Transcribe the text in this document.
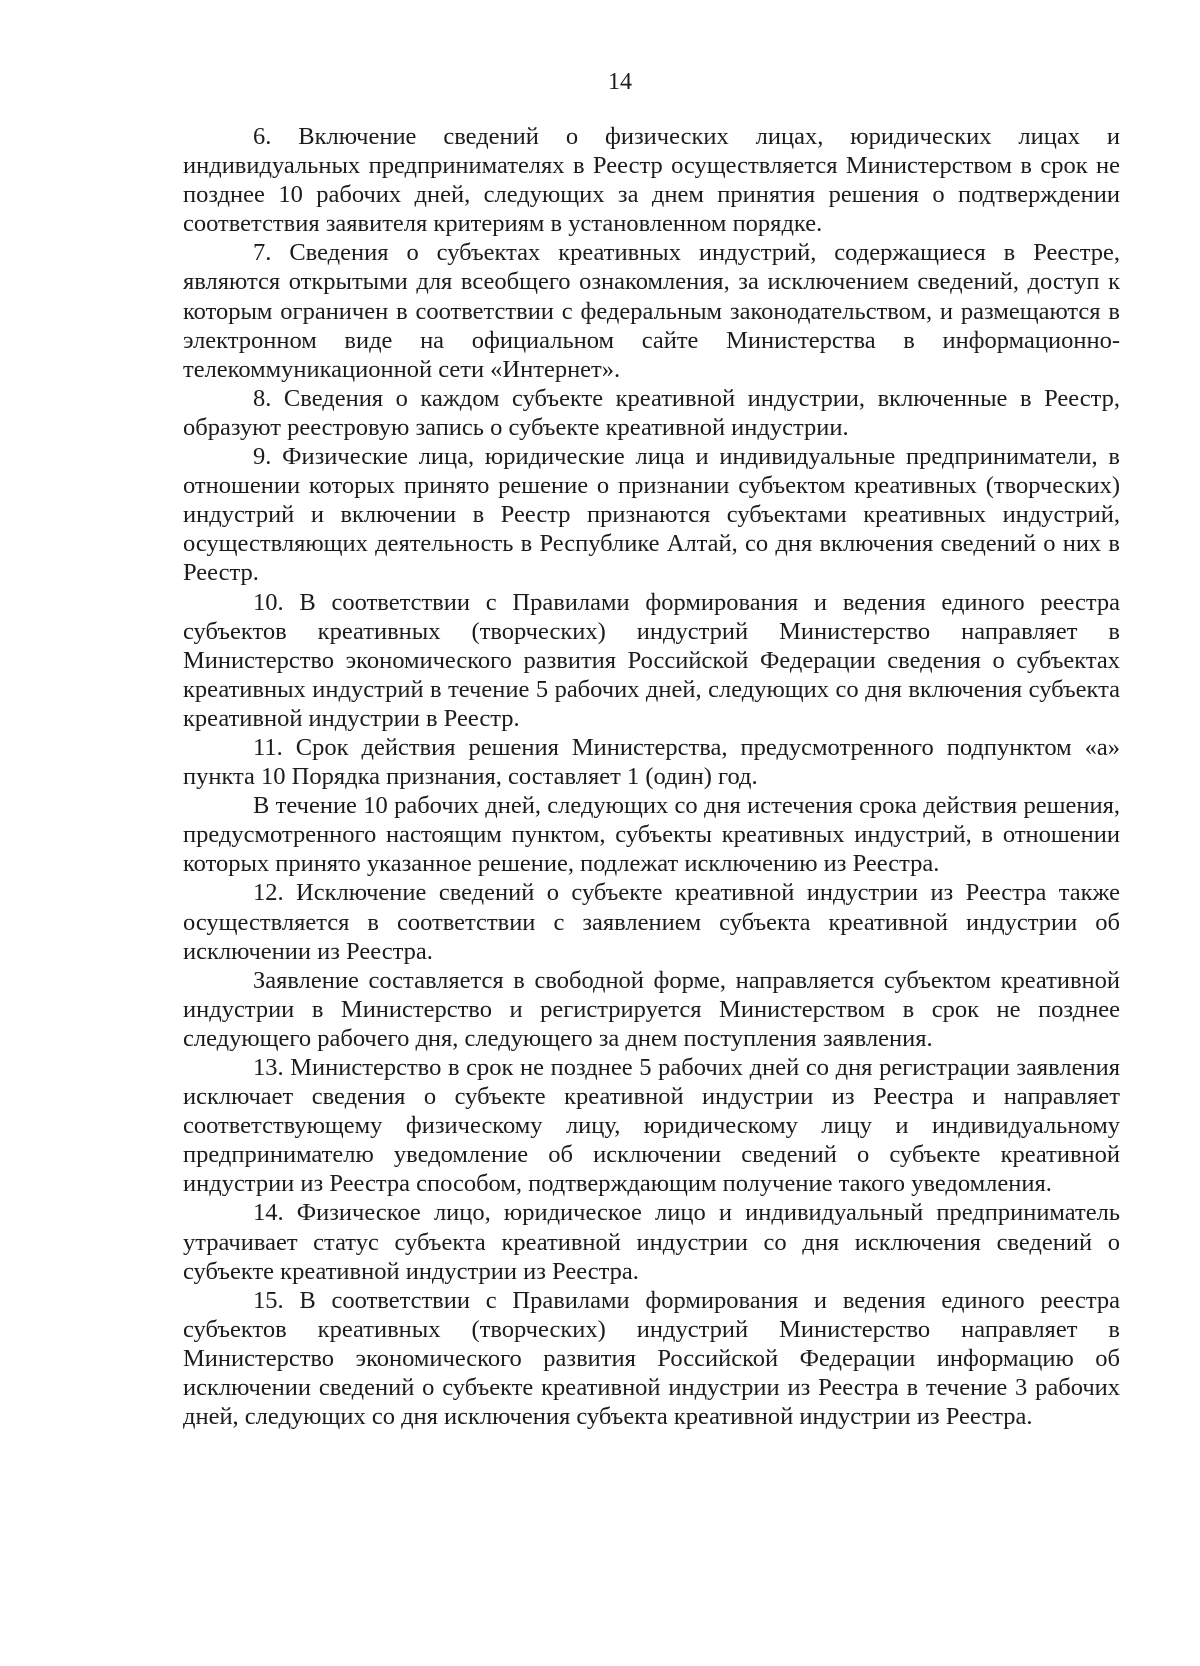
14

6. Включение сведений о физических лицах, юридических лицах и индивидуальных предпринимателях в Реестр осуществляется Министерством в срок не позднее 10 рабочих дней, следующих за днем принятия решения о подтверждении соответствия заявителя критериям в установленном порядке.

7. Сведения о субъектах креативных индустрий, содержащиеся в Реестре, являются открытыми для всеобщего ознакомления, за исключением сведений, доступ к которым ограничен в соответствии с федеральным законодательством, и размещаются в электронном виде на официальном сайте Министерства в информационно-телекоммуникационной сети «Интернет».

8. Сведения о каждом субъекте креативной индустрии, включенные в Реестр, образуют реестровую запись о субъекте креативной индустрии.

9. Физические лица, юридические лица и индивидуальные предприниматели, в отношении которых принято решение о признании субъектом креативных (творческих) индустрий и включении в Реестр признаются субъектами креативных индустрий, осуществляющих деятельность в Республике Алтай, со дня включения сведений о них в Реестр.

10. В соответствии с Правилами формирования и ведения единого реестра субъектов креативных (творческих) индустрий Министерство направляет в Министерство экономического развития Российской Федерации сведения о субъектах креативных индустрий в течение 5 рабочих дней, следующих со дня включения субъекта креативной индустрии в Реестр.

11. Срок действия решения Министерства, предусмотренного подпунктом «а» пункта 10 Порядка признания, составляет 1 (один) год.

В течение 10 рабочих дней, следующих со дня истечения срока действия решения, предусмотренного настоящим пунктом, субъекты креативных индустрий, в отношении которых принято указанное решение, подлежат исключению из Реестра.

12. Исключение сведений о субъекте креативной индустрии из Реестра также осуществляется в соответствии с заявлением субъекта креативной индустрии об исключении из Реестра.

Заявление составляется в свободной форме, направляется субъектом креативной индустрии в Министерство и регистрируется Министерством в срок не позднее следующего рабочего дня, следующего за днем поступления заявления.

13. Министерство в срок не позднее 5 рабочих дней со дня регистрации заявления исключает сведения о субъекте креативной индустрии из Реестра и направляет соответствующему физическому лицу, юридическому лицу и индивидуальному предпринимателю уведомление об исключении сведений о субъекте креативной индустрии из Реестра способом, подтверждающим получение такого уведомления.

14. Физическое лицо, юридическое лицо и индивидуальный предприниматель утрачивает статус субъекта креативной индустрии со дня исключения сведений о субъекте креативной индустрии из Реестра.

15. В соответствии с Правилами формирования и ведения единого реестра субъектов креативных (творческих) индустрий Министерство направляет в Министерство экономического развития Российской Федерации информацию об исключении сведений о субъекте креативной индустрии из Реестра в течение 3 рабочих дней, следующих со дня исключения субъекта креативной индустрии из Реестра.
